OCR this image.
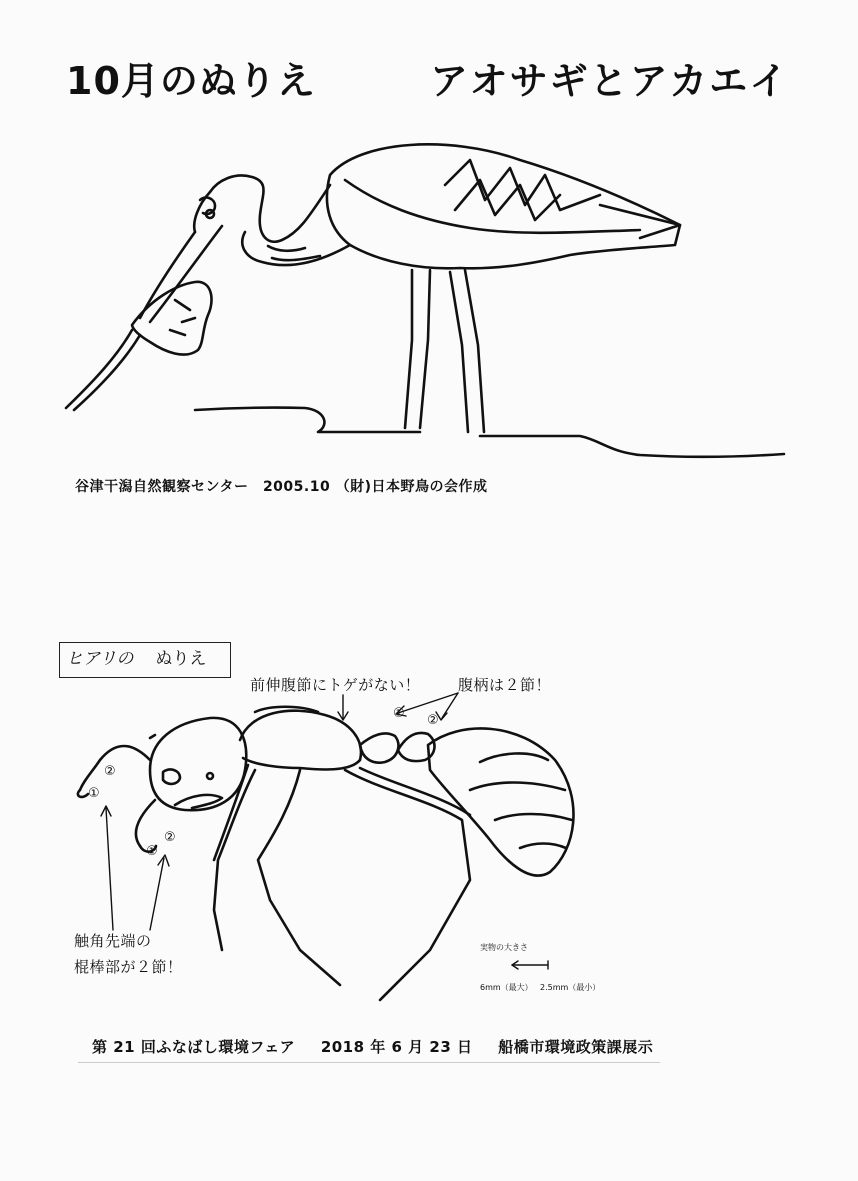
10月のぬりえ	アオサギとアカエイ
谷津干潟自然観察センター　2005.10 （財)日本野鳥の会作成
ヒアリの ぬりえ
前伸腹節にトゲがない！	腹柄は２節！
触角先端の
棍棒部が２節！
① ②
②
①
②
①
実物の大きさ
6mm（最大） 2.5mm（最小）
第 21 回ふなばし環境フェア 2018 年 6 月 23 日 船橋市環境政策課展示
